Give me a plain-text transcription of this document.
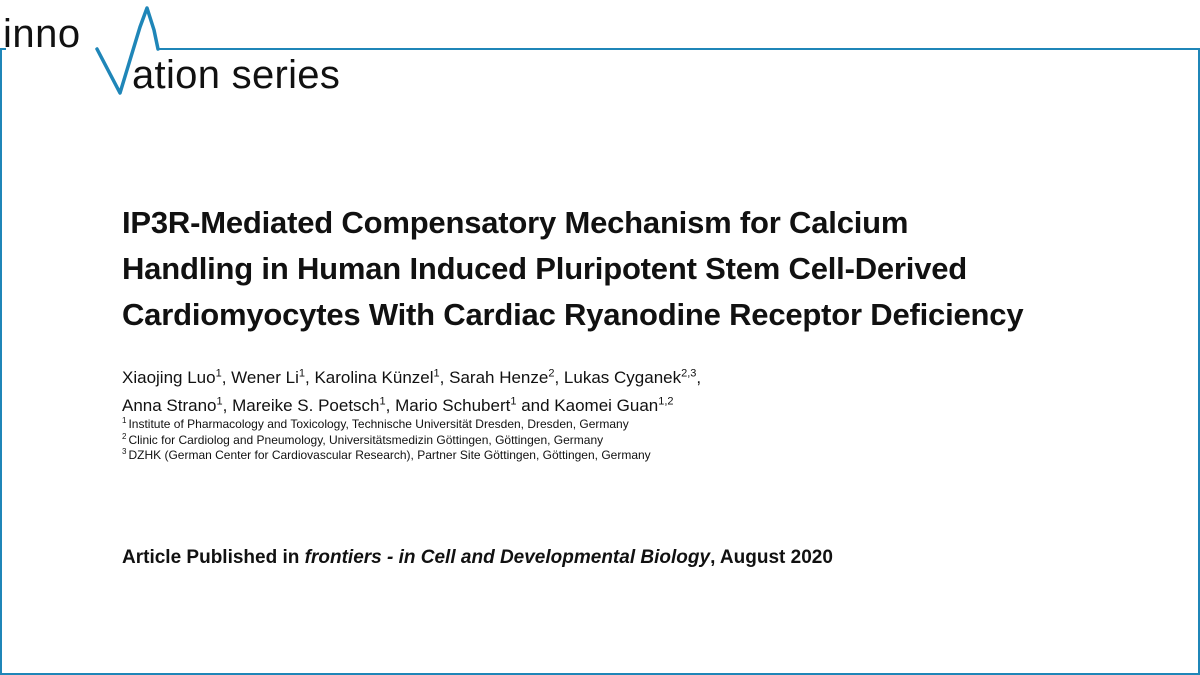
inno
ation series
IP3R-Mediated Compensatory Mechanism for Calcium
Handling in Human Induced Pluripotent Stem Cell-Derived
Cardiomyocytes With Cardiac Ryanodine Receptor Deficiency
Xiaojing Luo$^1$, Wener Li$^1$, Karolina Künzel$^1$, Sarah Henze$^2$, Lukas Cyganek$^{2,3}$,
Anna Strano$^1$, Mareike S. Poetsch$^1$, Mario Schubert$^1$ and Kaomei Guan$^{1,2}$
$^1$ Institute of Pharmacology and Toxicology, Technische Universität Dresden, Dresden, Germany
$^2$ Clinic for Cardiolog and Pneumology, Universitätsmedizin Göttingen, Göttingen, Germany
$^3$ DZHK (German Center for Cardiovascular Research), Partner Site Göttingen, Göttingen, Germany
Article Published in frontiers - in Cell and Developmental Biology, August 2020
